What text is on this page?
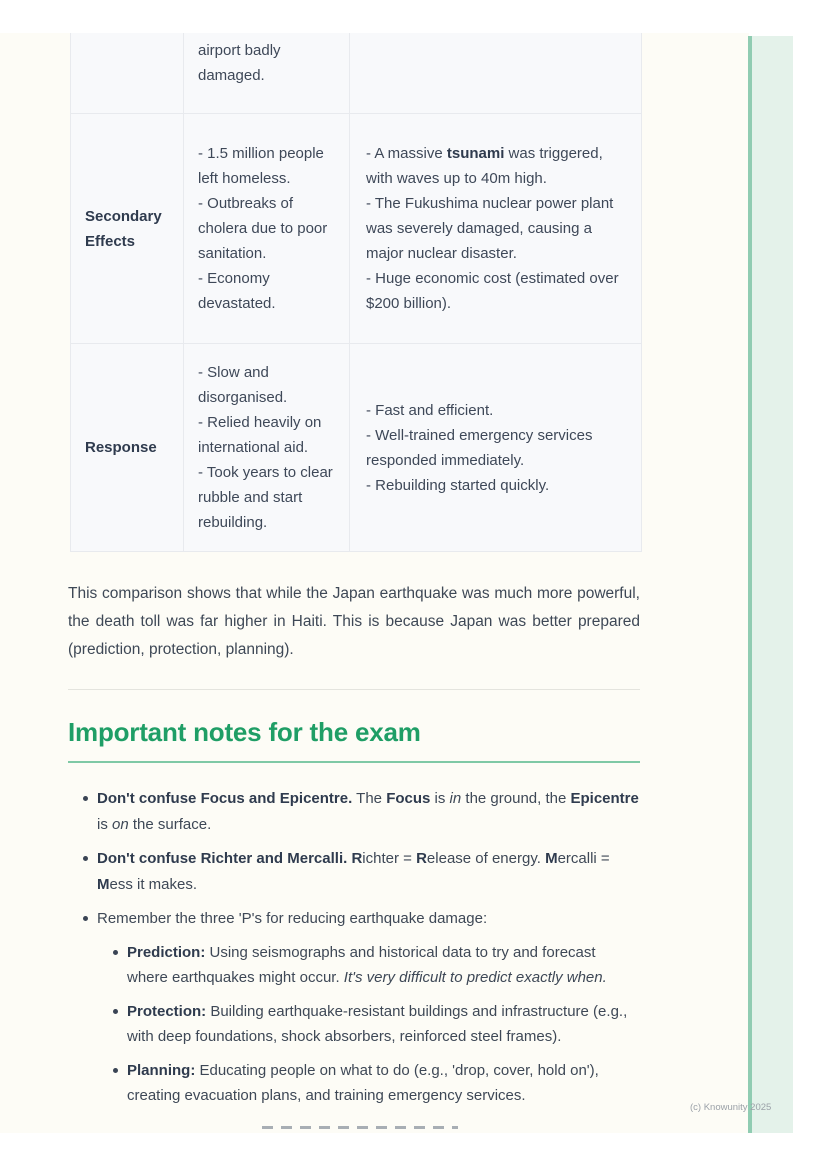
	airport badly damaged.	
Secondary Effects	- 1.5 million people left homeless.
- Outbreaks of cholera due to poor sanitation.
- Economy devastated.	- A massive tsunami was triggered, with waves up to 40m high.
- The Fukushima nuclear power plant was severely damaged, causing a major nuclear disaster.
- Huge economic cost (estimated over $200 billion).
Response	- Slow and disorganised.
- Relied heavily on international aid.
- Took years to clear rubble and start rebuilding.	- Fast and efficient.
- Well-trained emergency services responded immediately.
- Rebuilding started quickly.

This comparison shows that while the Japan earthquake was much more powerful, the death toll was far higher in Haiti. This is because Japan was better prepared (prediction, protection, planning).

Important notes for the exam
Don't confuse Focus and Epicentre. The Focus is in the ground, the Epicentre is on the surface.
Don't confuse Richter and Mercalli. Richter = Release of energy. Mercalli = Mess it makes.
Remember the three 'P's for reducing earthquake damage:
Prediction: Using seismographs and historical data to try and forecast where earthquakes might occur. It's very difficult to predict exactly when.
Protection: Building earthquake-resistant buildings and infrastructure (e.g., with deep foundations, shock absorbers, reinforced steel frames).
Planning: Educating people on what to do (e.g., 'drop, cover, hold on'), creating evacuation plans, and training emergency services.
(c) Knowunity 2025
